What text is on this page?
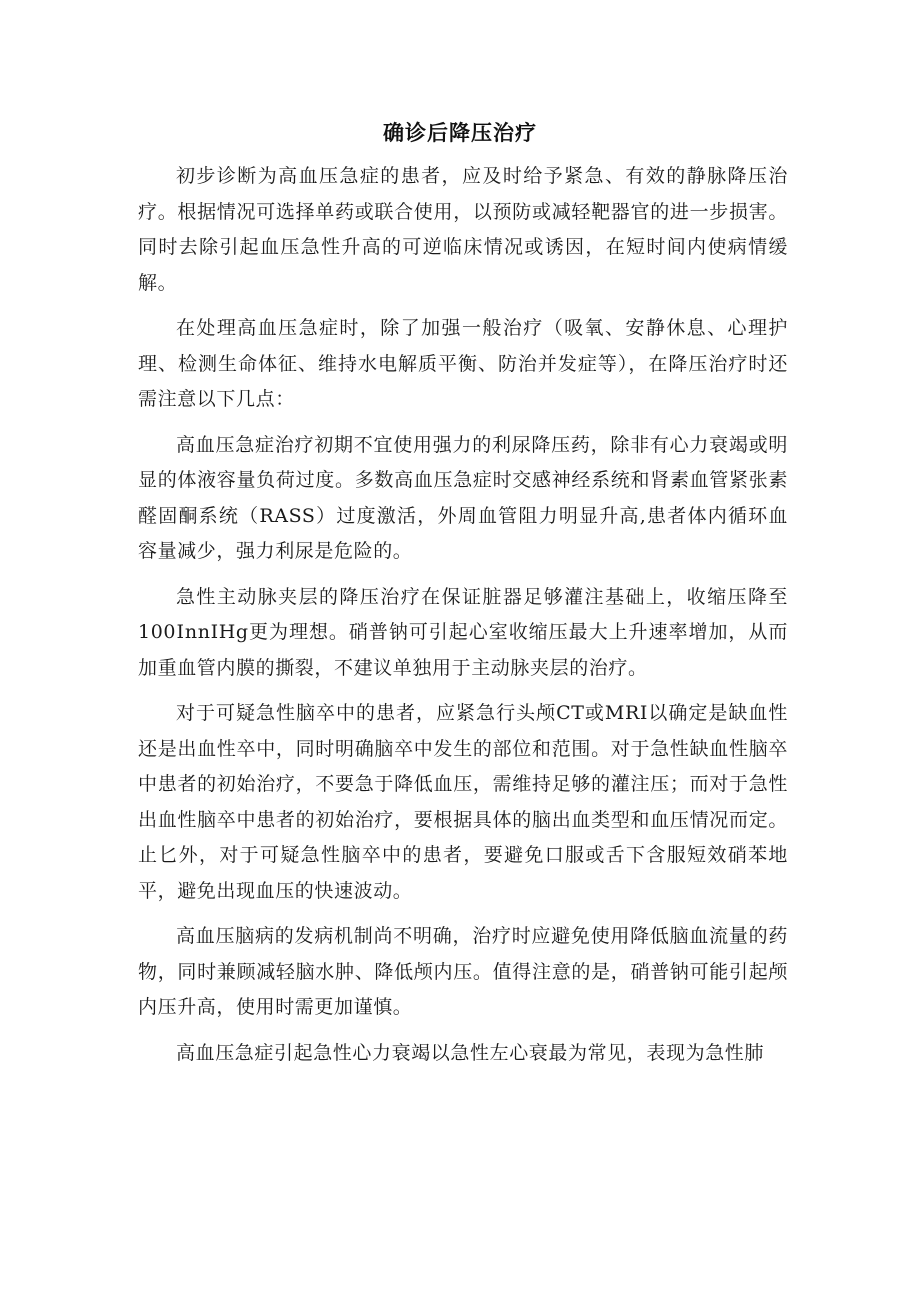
确诊后降压治疗

初步诊断为高血压急症的患者，应及时给予紧急、有效的静脉降压治疗。根据情况可选择单药或联合使用，以预防或减轻靶器官的进一步损害。同时去除引起血压急性升高的可逆临床情况或诱因，在短时间内使病情缓解。

在处理高血压急症时，除了加强一般治疗（吸氧、安静休息、心理护理、检测生命体征、维持水电解质平衡、防治并发症等），在降压治疗时还需注意以下几点：

高血压急症治疗初期不宜使用强力的利尿降压药，除非有心力衰竭或明显的体液容量负荷过度。多数高血压急症时交感神经系统和肾素血管紧张素醛固酮系统（RASS）过度激活，外周血管阻力明显升高,患者体内循环血容量减少，强力利尿是危险的。

急性主动脉夹层的降压治疗在保证脏器足够灌注基础上，收缩压降至100ⅠnnIHg更为理想。硝普钠可引起心室收缩压最大上升速率增加，从而加重血管内膜的撕裂，不建议单独用于主动脉夹层的治疗。

对于可疑急性脑卒中的患者，应紧急行头颅CT或MRI以确定是缺血性还是出血性卒中，同时明确脑卒中发生的部位和范围。对于急性缺血性脑卒中患者的初始治疗，不要急于降低血压，需维持足够的灌注压；而对于急性出血性脑卒中患者的初始治疗，要根据具体的脑出血类型和血压情况而定。止匕外，对于可疑急性脑卒中的患者，要避免口服或舌下含服短效硝苯地平，避免出现血压的快速波动。

高血压脑病的发病机制尚不明确，治疗时应避免使用降低脑血流量的药物，同时兼顾减轻脑水肿、降低颅内压。值得注意的是，硝普钠可能引起颅内压升高，使用时需更加谨慎。

高血压急症引起急性心力衰竭以急性左心衰最为常见，表现为急性肺
